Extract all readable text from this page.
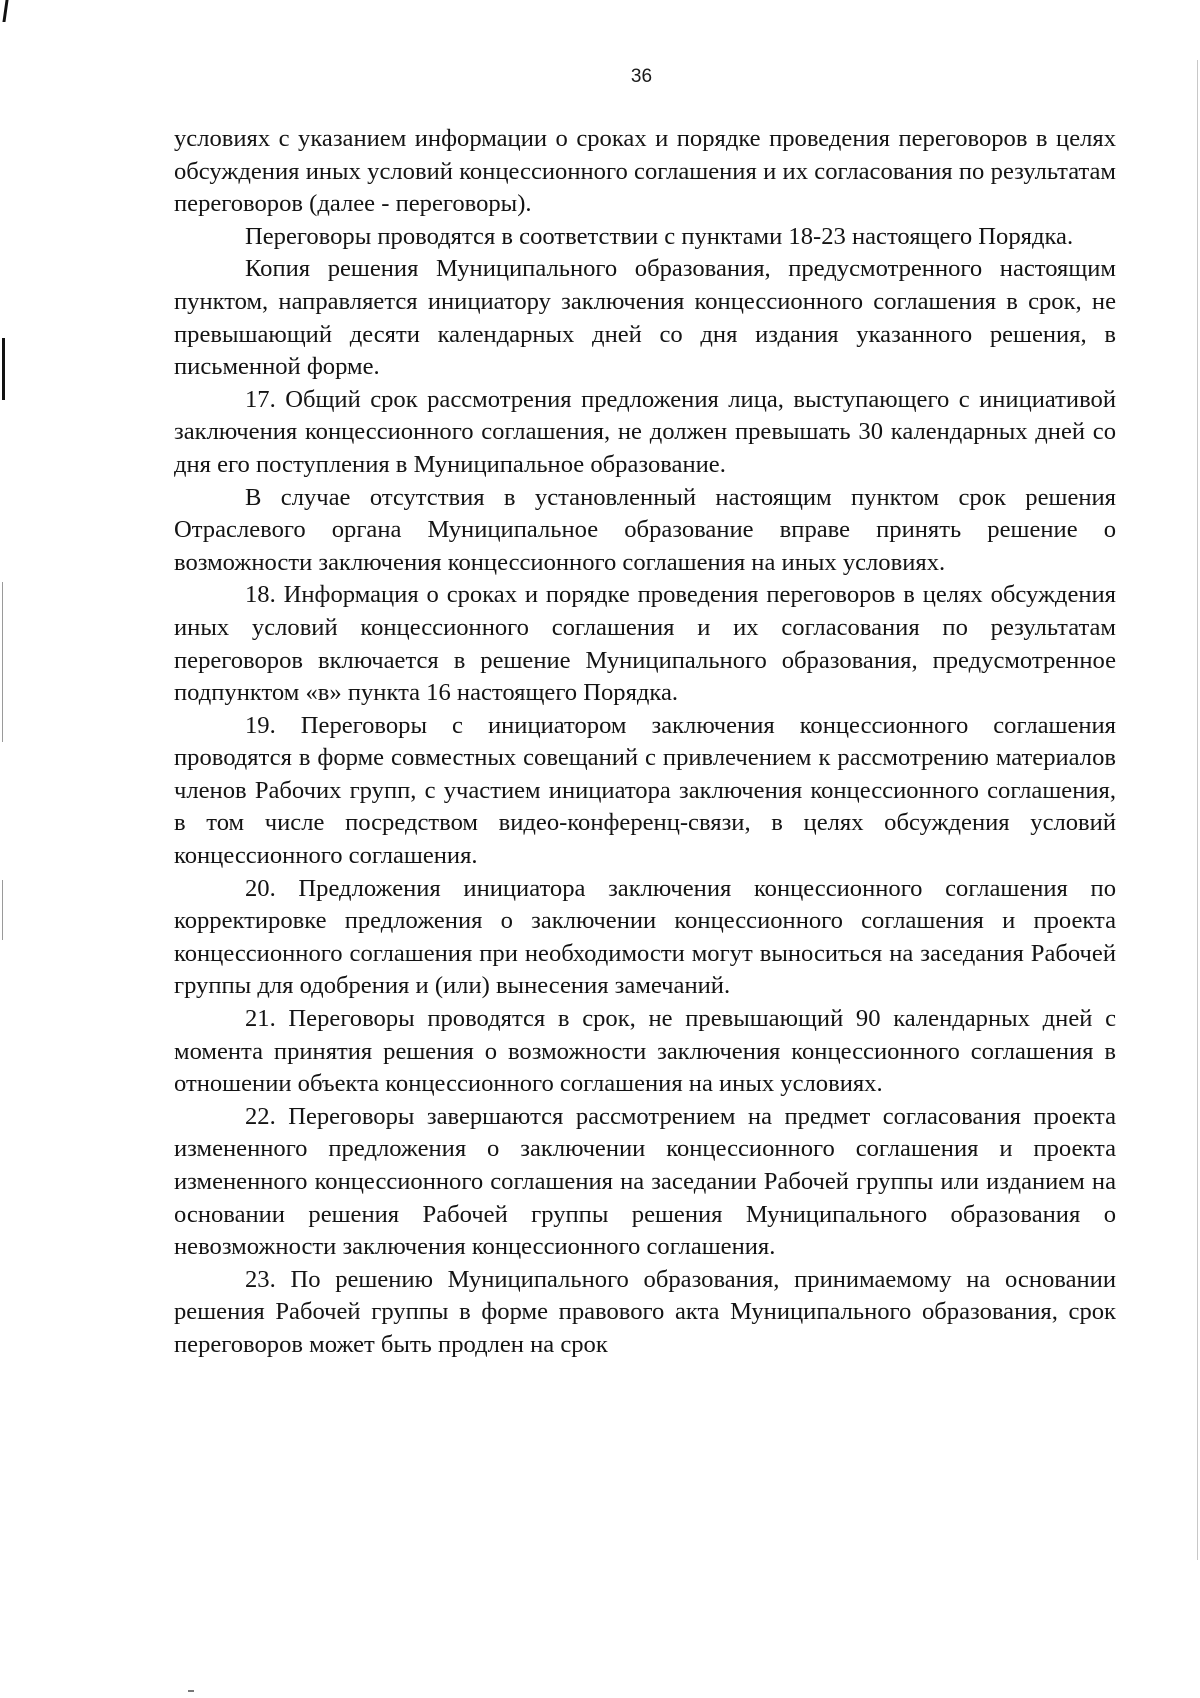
36

условиях с указанием информации о сроках и порядке проведения переговоров в целях обсуждения иных условий концессионного соглашения и их согласования по результатам переговоров (далее - переговоры).

Переговоры проводятся в соответствии с пунктами 18-23 настоящего Порядка.

Копия решения Муниципального образования, предусмотренного настоящим пунктом, направляется инициатору заключения концессионного соглашения в срок, не превышающий десяти календарных дней со дня издания указанного решения, в письменной форме.

17. Общий срок рассмотрения предложения лица, выступающего с инициативой заключения концессионного соглашения, не должен превышать 30 календарных дней со дня его поступления в Муниципальное образование.

В случае отсутствия в установленный настоящим пунктом срок решения Отраслевого органа Муниципальное образование вправе принять решение о возможности заключения концессионного соглашения на иных условиях.

18. Информация о сроках и порядке проведения переговоров в целях обсуждения иных условий концессионного соглашения и их согласования по результатам переговоров включается в решение Муниципального образования, предусмотренное подпунктом «в» пункта 16 настоящего Порядка.

19. Переговоры с инициатором заключения концессионного соглашения проводятся в форме совместных совещаний с привлечением к рассмотрению материалов членов Рабочих групп, с участием инициатора заключения концессионного соглашения, в том числе посредством видео-конференц-связи, в целях обсуждения условий концессионного соглашения.

20. Предложения инициатора заключения концессионного соглашения по корректировке предложения о заключении концессионного соглашения и проекта концессионного соглашения при необходимости могут выноситься на заседания Рабочей группы для одобрения и (или) вынесения замечаний.

21. Переговоры проводятся в срок, не превышающий 90 календарных дней с момента принятия решения о возможности заключения концессионного соглашения в отношении объекта концессионного соглашения на иных условиях.

22. Переговоры завершаются рассмотрением на предмет согласования проекта измененного предложения о заключении концессионного соглашения и проекта измененного концессионного соглашения на заседании Рабочей группы или изданием на основании решения Рабочей группы решения Муниципального образования о невозможности заключения концессионного соглашения.

23. По решению Муниципального образования, принимаемому на основании решения Рабочей группы в форме правового акта Муниципального образования, срок переговоров может быть продлен на срок
